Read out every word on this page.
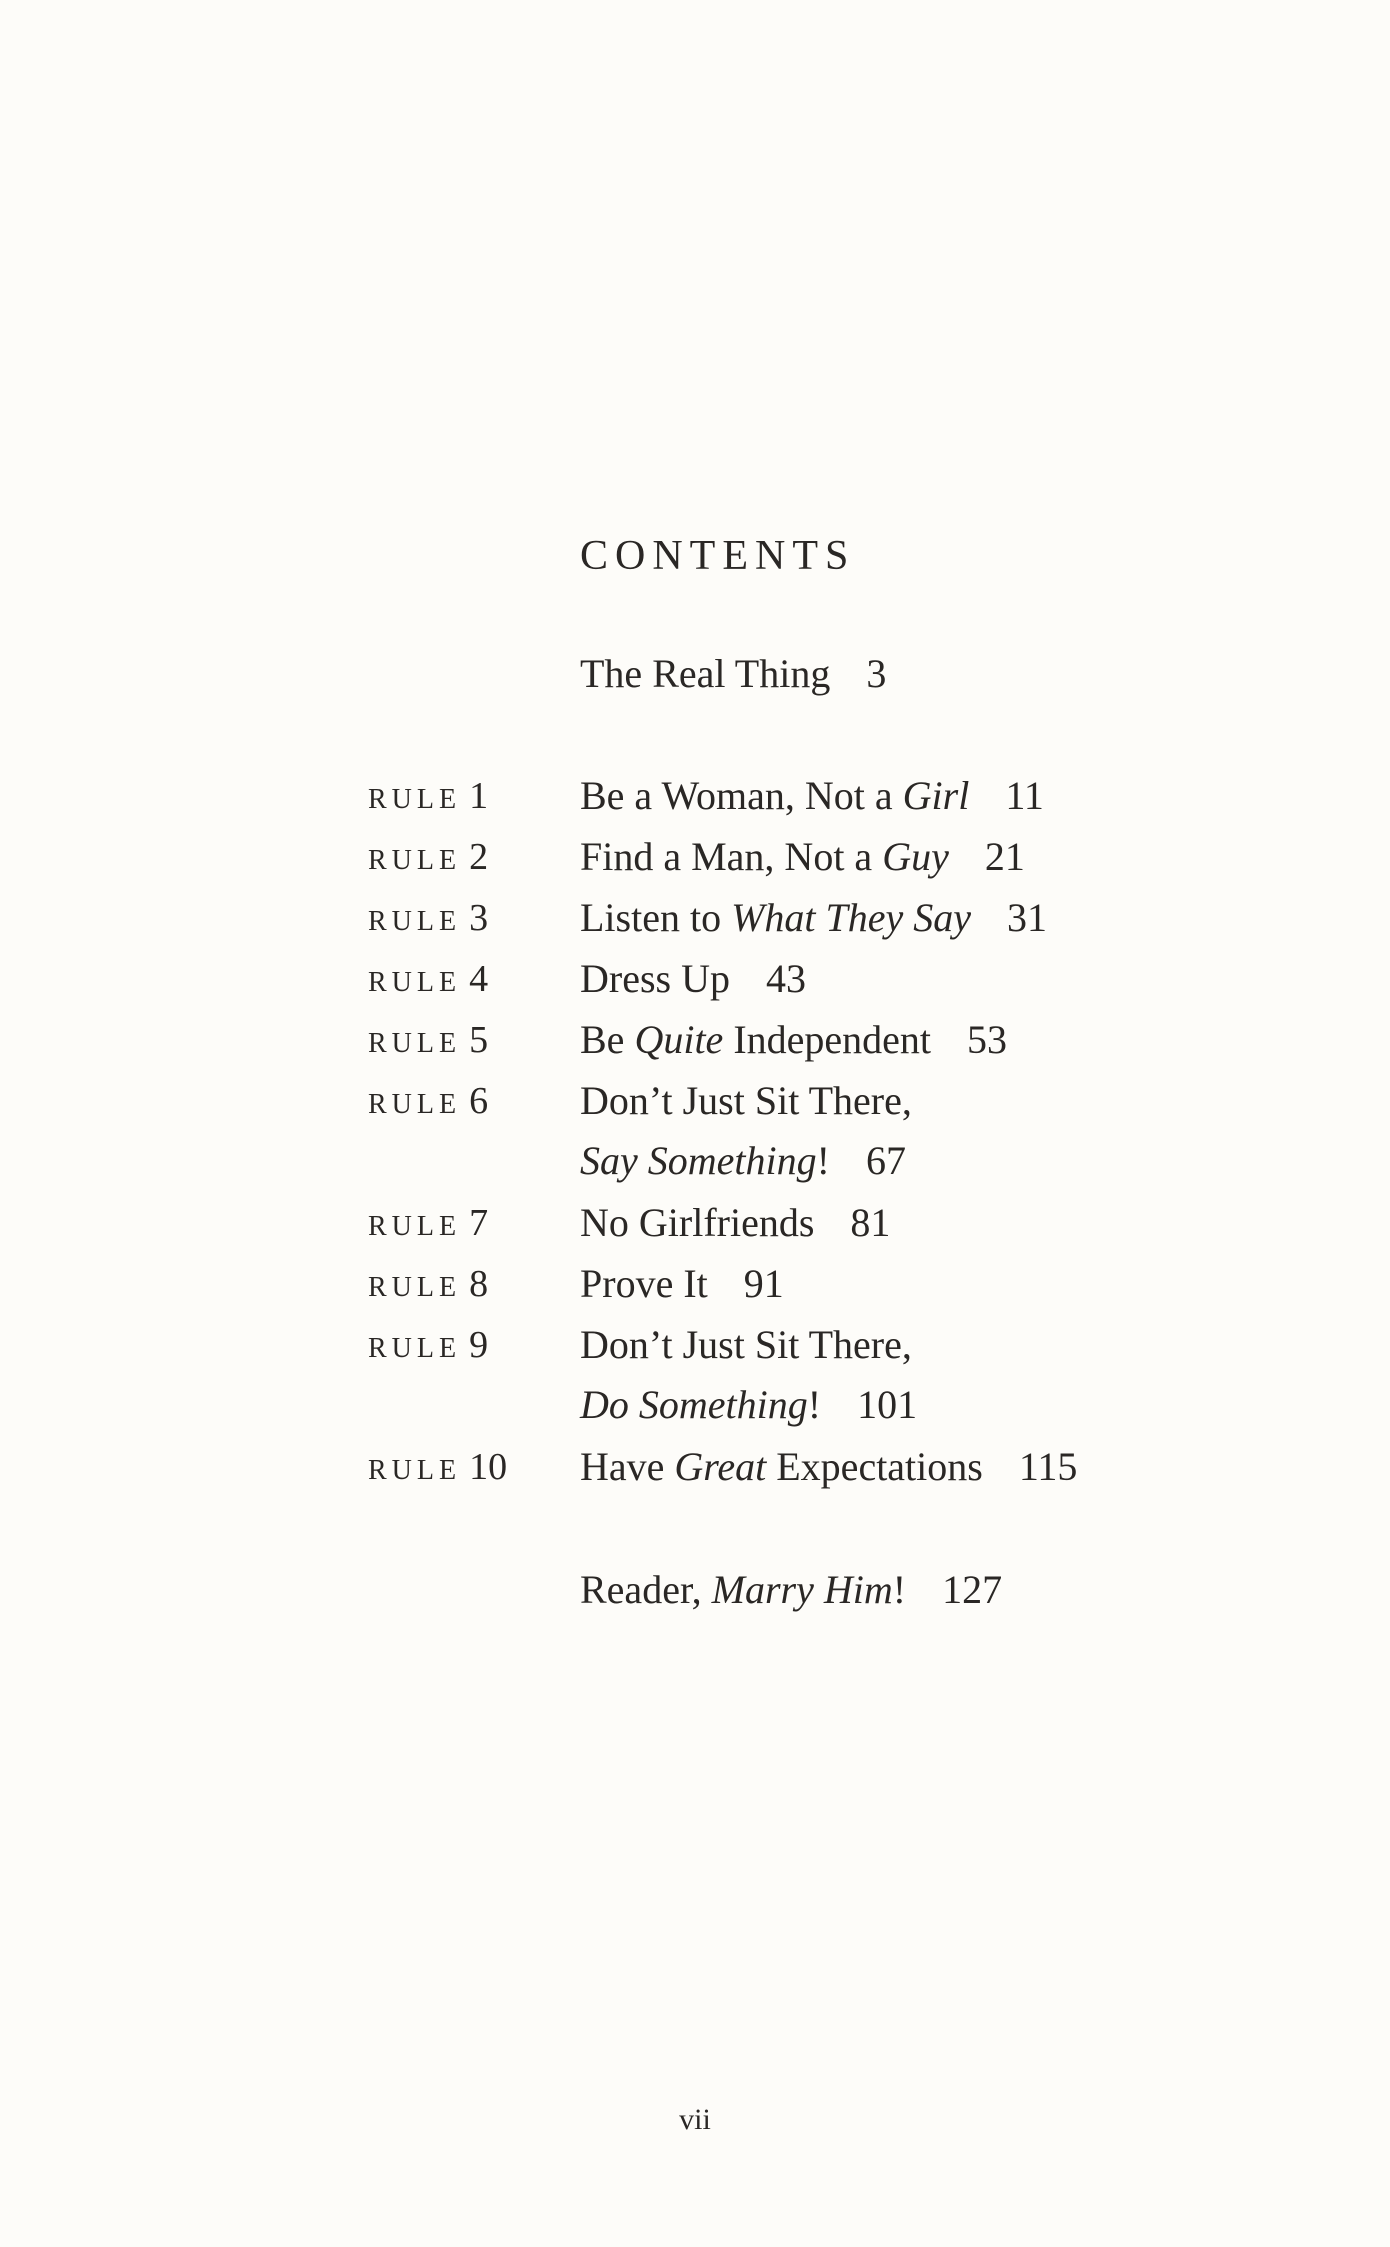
CONTENTS
The Real Thing 3
RULE 1 Be a Woman, Not a Girl 11
RULE 2 Find a Man, Not a Guy 21
RULE 3 Listen to What They Say 31
RULE 4 Dress Up 43
RULE 5 Be Quite Independent 53
RULE 6 Don’t Just Sit There,
Say Something! 67
RULE 7 No Girlfriends 81
RULE 8 Prove It 91
RULE 9 Don’t Just Sit There,
Do Something! 101
RULE 10 Have Great Expectations 115
Reader, Marry Him! 127
vii
